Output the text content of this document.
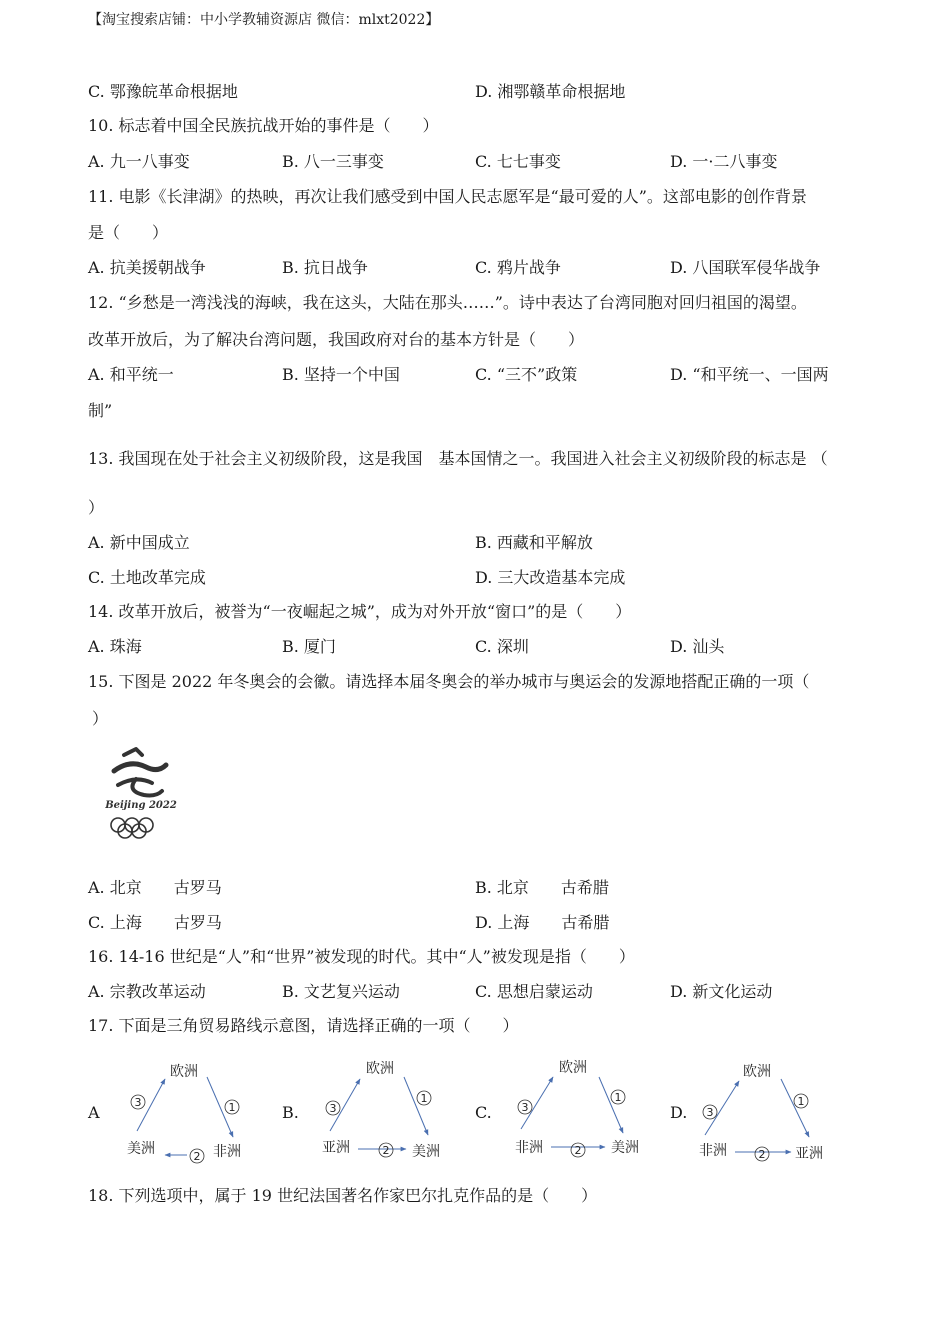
【淘宝搜索店铺：中小学教辅资源店 微信：mlxt2022】
C. 鄂豫皖革命根据地	D. 湘鄂赣革命根据地
10. 标志着中国全民族抗战开始的事件是（　　）
A. 九一八事变	B. 八一三事变	C. 七七事变	D. 一·二八事变
11. 电影《长津湖》的热映，再次让我们感受到中国人民志愿军是“最可爱的人”。这部电影的创作背景
是（　　）
A. 抗美援朝战争	B. 抗日战争	C. 鸦片战争	D. 八国联军侵华战争
12. “乡愁是一湾浅浅的海峡，我在这头，大陆在那头……”。诗中表达了台湾同胞对回归祖国的渴望。
改革开放后，为了解决台湾问题，我国政府对台的基本方针是（　　）
A. 和平统一	B. 坚持一个中国	C. “三不”政策	D. “和平统一、一国两
制”
13. 我国现在处于社会主义初级阶段，这是我国　基本国情之一。我国进入社会主义初级阶段的标志是 （
）
A. 新中国成立	B. 西藏和平解放
C. 土地改革完成	D. 三大改造基本完成
14. 改革开放后，被誉为“一夜崛起之城”，成为对外开放“窗口”的是（　　）
A. 珠海	B. 厦门	C. 深圳	D. 汕头
15. 下图是 2022 年冬奥会的会徽。请选择本届冬奥会的举办城市与奥运会的发源地搭配正确的一项（
）
Beijing 2022
A. 北京　　古罗马	B. 北京　　古希腊
C. 上海　　古罗马	D. 上海　　古希腊
16. 14-16 世纪是“人”和“世界”被发现的时代。其中“人”被发现是指（　　）
A. 宗教改革运动	B. 文艺复兴运动	C. 思想启蒙运动	D. 新文化运动
17. 下面是三角贸易路线示意图，请选择正确的一项（　　）
A
欧洲
美洲	非洲
1
2
3
B.
欧洲
亚洲	美洲
1
2
3	C.
欧洲
非洲	美洲
1
2
3	D.
欧洲
非洲	亚洲
1
2
3
18. 下列选项中，属于 19 世纪法国著名作家巴尔扎克作品的是（　　）
